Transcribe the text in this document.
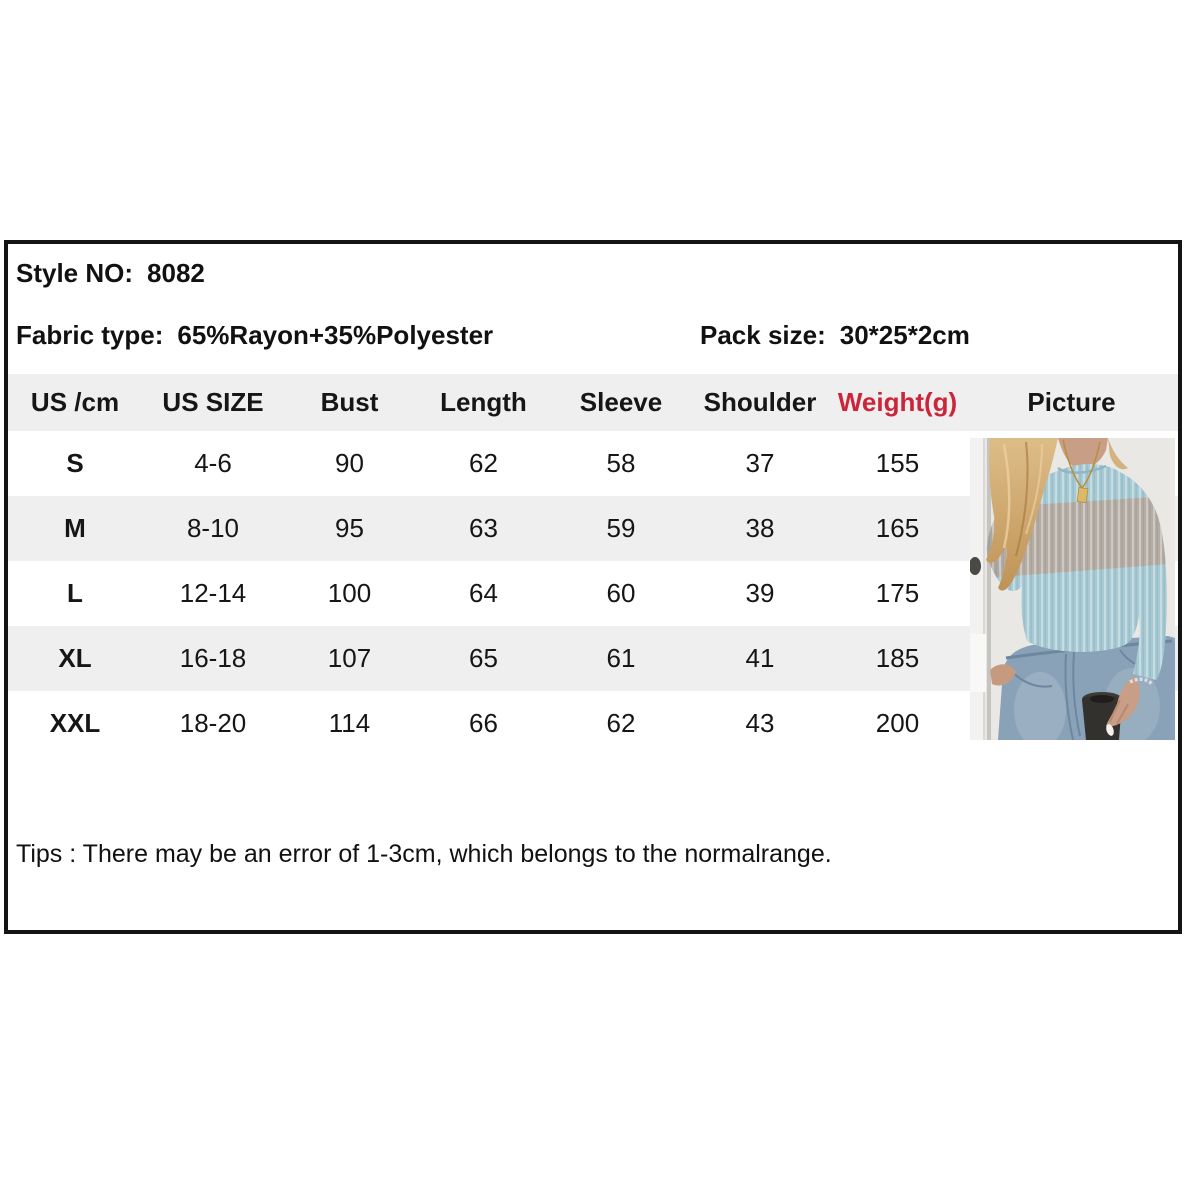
Style NO: 8082
Fabric type: 65%Rayon+35%Polyester	Pack size: 30*25*2cm
US /cm	US SIZE	Bust	Length	Sleeve	Shoulder	Weight(g)	Picture
S	4-6	90	62	58	37	155	
M	8-10	95	63	59	38	165	
L	12-14	100	64	60	39	175	
XL	16-18	107	65	61	41	185	
XXL	18-20	114	66	62	43	200	
Tips : There may be an error of 1-3cm, which belongs to the normalrange.
